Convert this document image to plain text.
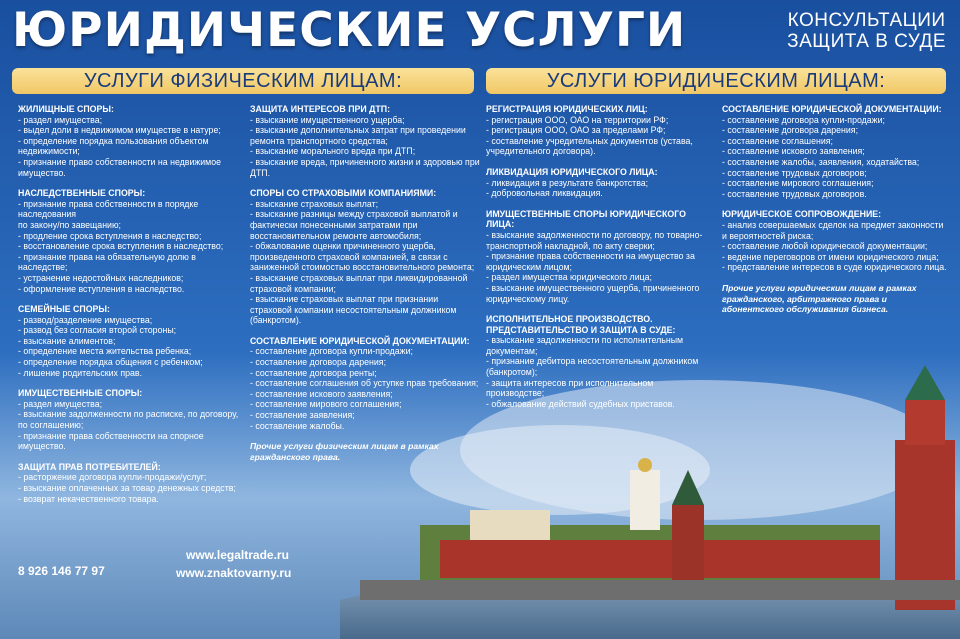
ЮРИДИЧЕСКИЕ УСЛУГИ	КОНСУЛЬТАЦИИ
ЗАЩИТА В СУДЕ
УСЛУГИ ФИЗИЧЕСКИМ ЛИЦАМ:	УСЛУГИ ЮРИДИЧЕСКИМ ЛИЦАМ:
ЖИЛИЩНЫЕ СПОРЫ:
- раздел имущества;
- выдел доли в недвижимом имуществе в натуре;
- определение порядка пользования объектом недвижимости;
- признание право собственности на недвижимое имущество.
НАСЛЕДСТВЕННЫЕ СПОРЫ:
- признание права собственности в порядке наследования
по закону/по завещанию;
- продление срока вступления в наследство;
- восстановление срока вступления в наследство;
- признание права на обязательную долю в наследстве;
- устранение недостойных наследников;
- оформление вступления в наследство.
СЕМЕЙНЫЕ СПОРЫ:
- развод/разделение имущества;
- развод без согласия второй стороны;
- взыскание алиментов;
- определение места жительства ребенка;
- определение порядка общения с ребенком;
- лишение родительских прав.
ИМУЩЕСТВЕННЫЕ СПОРЫ:
- раздел имущества;
- взыскание задолженности по расписке, по договору, по соглашению;
- признание права собственности на спорное имущество.
ЗАЩИТА ПРАВ ПОТРЕБИТЕЛЕЙ:
- расторжение договора купли-продажи/услуг;
- взыскание оплаченных за товар денежных средств;
- возврат некачественного товара.
ЗАЩИТА ИНТЕРЕСОВ ПРИ ДТП:
- взыскание имущественного ущерба;
- взыскание дополнительных затрат при проведении ремонта транспортного средства;
- взыскание морального вреда при ДТП;
- взыскание вреда, причиненного жизни и здоровью при ДТП.
СПОРЫ СО СТРАХОВЫМИ КОМПАНИЯМИ:
- взыскание страховых выплат;
- взыскание разницы между страховой выплатой и фактически понесенными затратами при восстановительном ремонте автомобиля;
- обжалование оценки причиненного ущерба, произведенного страховой компанией, в связи с заниженной стоимостью восстановительного ремонта;
- взыскание страховых выплат при ликвидированной страховой компании;
- взыскание страховых выплат при признании страховой компании несостоятельным должником (банкротом).
СОСТАВЛЕНИЕ ЮРИДИЧЕСКОЙ ДОКУМЕНТАЦИИ:
- составление договора купли-продажи;
- составление договора дарения;
- составление договора ренты;
- составление соглашения об уступке прав требования;
- составление искового заявления;
- составление мирового соглашения;
- составление заявления;
- составление жалобы.
Прочие услуги физическим лицам в рамках гражданского права.
РЕГИСТРАЦИЯ ЮРИДИЧЕСКИХ ЛИЦ:
- регистрация ООО, ОАО на территории РФ;
- регистрация ООО, ОАО за пределами РФ;
- составление учредительных документов (устава, учредительного договора).
ЛИКВИДАЦИЯ ЮРИДИЧЕСКОГО ЛИЦА:
- ликвидация в результате банкротства;
- добровольная ликвидация.
ИМУЩЕСТВЕННЫЕ СПОРЫ ЮРИДИЧЕСКОГО ЛИЦА:
- взыскание задолженности по договору, по товарно-транспортной накладной, по акту сверки;
- признание права собственности на имущество за юридическим лицом;
- раздел имущества юридического лица;
- взыскание имущественного ущерба, причиненного юридическому лицу.
ИСПОЛНИТЕЛЬНОЕ ПРОИЗВОДСТВО. ПРЕДСТАВИТЕЛЬСТВО И ЗАЩИТА В СУДЕ:
- взыскание задолженности по исполнительным документам;
- признание дебитора несостоятельным должником (банкротом);
- защита интересов при исполнительном производстве;
- обжалование действий судебных приставов.
СОСТАВЛЕНИЕ ЮРИДИЧЕСКОЙ ДОКУМЕНТАЦИИ:
- составление договора купли-продажи;
- составление договора дарения;
- составление соглашения;
- составление искового заявления;
- составление жалобы, заявления, ходатайства;
- составление трудовых договоров;
- составление мирового соглашения;
- составление трудовых договоров.
ЮРИДИЧЕСКОЕ СОПРОВОЖДЕНИЕ:
- анализ совершаемых сделок на предмет законности и вероятностей риска;
- составление любой юридической документации;
- ведение переговоров от имени юридического лица;
- представление интересов в суде юридического лица.
Прочие услуги юридическим лицам в рамках гражданского, арбитражного права и абонентского обслуживания бизнеса.
8 926 146 77 97
www.legaltrade.ru
www.znaktovarny.ru
